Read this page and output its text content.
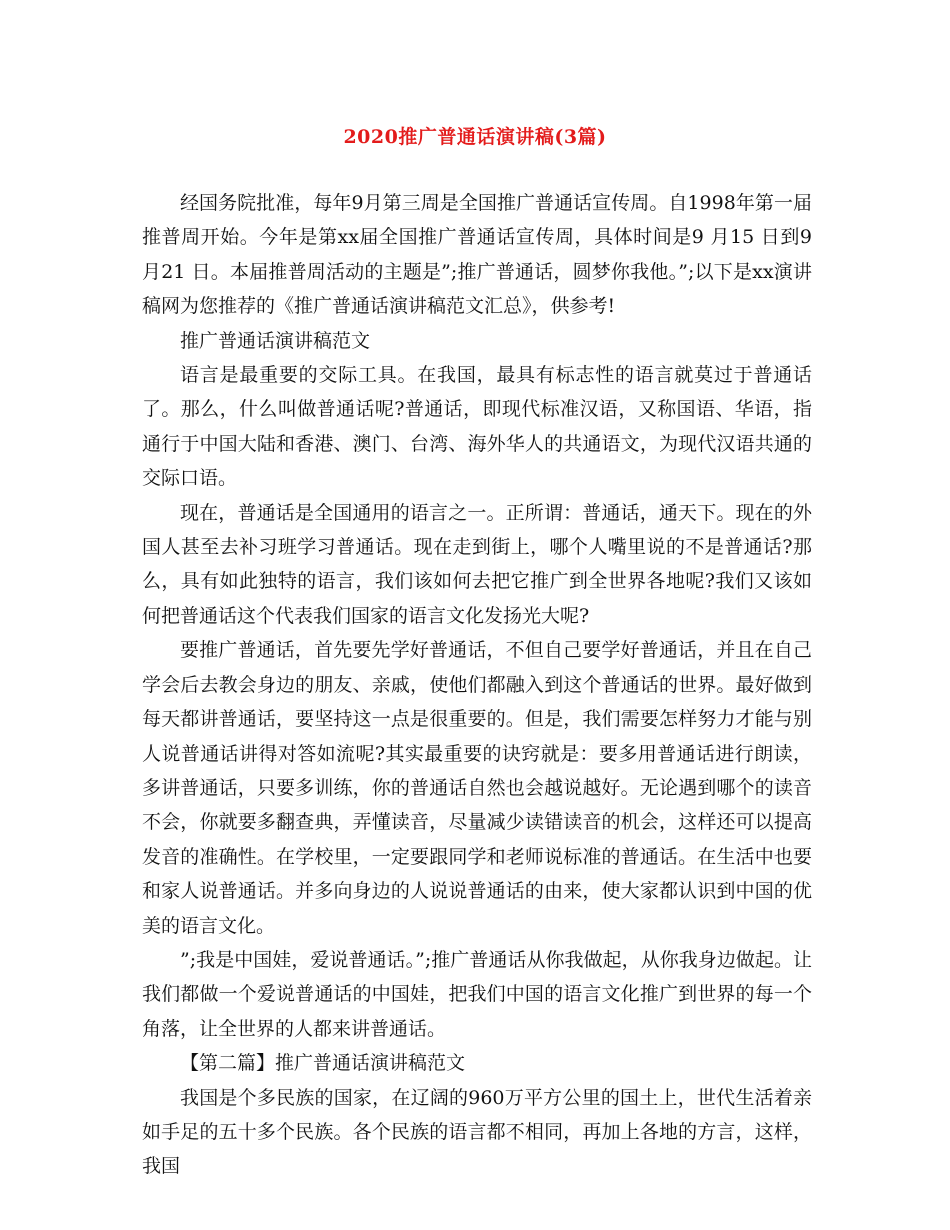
2020推广普通话演讲稿(3篇)

经国务院批准，每年9月第三周是全国推广普通话宣传周。自1998年第一届推普周开始。今年是第xx届全国推广普通话宣传周，具体时间是9 月15 日到9月21 日。本届推普周活动的主题是”;推广普通话，圆梦你我他。”;以下是xx演讲稿网为您推荐的《推广普通话演讲稿范文汇总》，供参考!

推广普通话演讲稿范文

语言是最重要的交际工具。在我国，最具有标志性的语言就莫过于普通话了。那么，什么叫做普通话呢?普通话，即现代标准汉语，又称国语、华语，指通行于中国大陆和香港、澳门、台湾、海外华人的共通语文，为现代汉语共通的交际口语。

现在，普通话是全国通用的语言之一。正所谓：普通话，通天下。现在的外国人甚至去补习班学习普通话。现在走到街上，哪个人嘴里说的不是普通话?那么，具有如此独特的语言，我们该如何去把它推广到全世界各地呢?我们又该如何把普通话这个代表我们国家的语言文化发扬光大呢?

要推广普通话，首先要先学好普通话，不但自己要学好普通话，并且在自己学会后去教会身边的朋友、亲戚，使他们都融入到这个普通话的世界。最好做到每天都讲普通话，要坚持这一点是很重要的。但是，我们需要怎样努力才能与别人说普通话讲得对答如流呢?其实最重要的诀窍就是：要多用普通话进行朗读，多讲普通话，只要多训练，你的普通话自然也会越说越好。无论遇到哪个的读音不会，你就要多翻查典，弄懂读音，尽量减少读错读音的机会，这样还可以提高发音的准确性。在学校里，一定要跟同学和老师说标准的普通话。在生活中也要和家人说普通话。并多向身边的人说说普通话的由来，使大家都认识到中国的优美的语言文化。

”;我是中国娃，爱说普通话。”;推广普通话从你我做起，从你我身边做起。让我们都做一个爱说普通话的中国娃，把我们中国的语言文化推广到世界的每一个角落，让全世界的人都来讲普通话。

【第二篇】推广普通话演讲稿范文

我国是个多民族的国家，在辽阔的960万平方公里的国土上，世代生活着亲如手足的五十多个民族。各个民族的语言都不相同，再加上各地的方言，这样，我国
